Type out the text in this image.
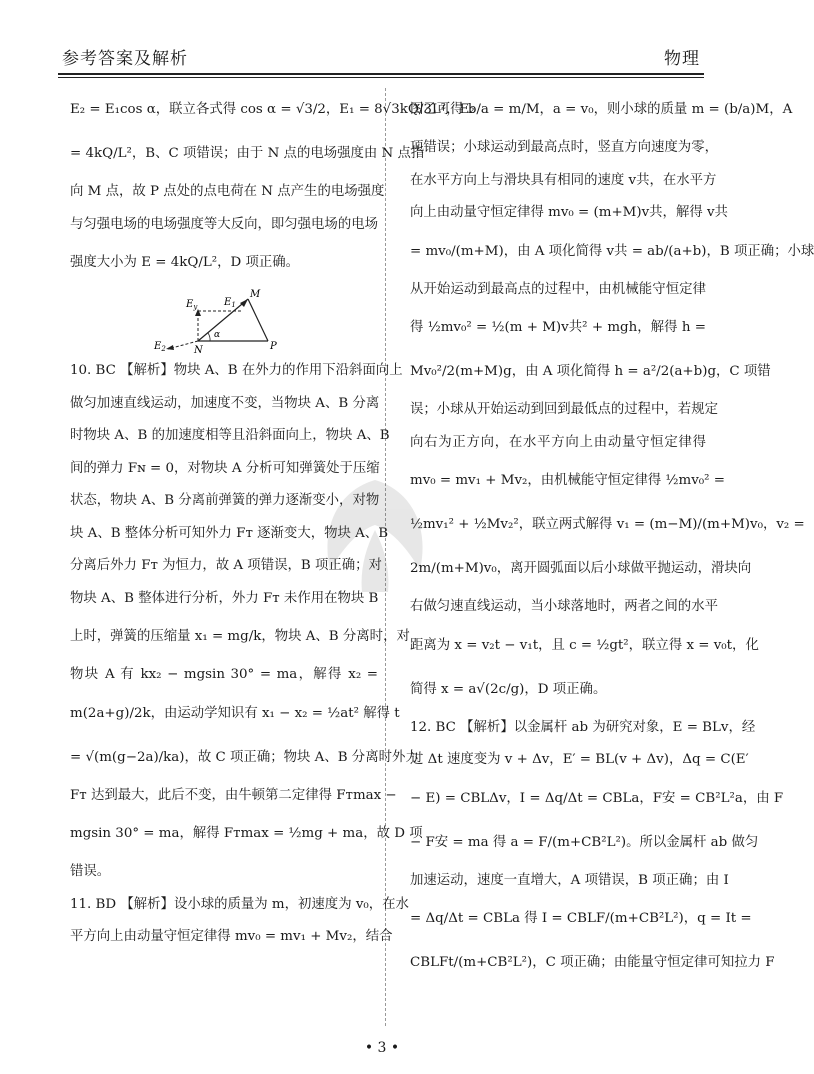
参考答案及解析	物理
E₂ = E₁cos α，联立各式得 cos α = √3/2，E₁ = 8√3kQ/3L²，E₂
= 4kQ/L²，B、C 项错误；由于 N 点的电场强度由 N 点指
向 M 点，故 P 点处的点电荷在 N 点产生的电场强度
与匀强电场的电场强度等大反向，即匀强电场的电场
强度大小为 E = 4kQ/L²，D 项正确。
$E_y$	$E_1$
M
α
$E_2$	N	P
10. BC 【解析】物块 A、B 在外力的作用下沿斜面向上
做匀加速直线运动，加速度不变，当物块 A、B 分离
时物块 A、B 的加速度相等且沿斜面向上，物块 A、B
间的弹力 Fɴ = 0，对物块 A 分析可知弹簧处于压缩
状态，物块 A、B 分离前弹簧的弹力逐渐变小，对物
块 A、B 整体分析可知外力 Fᴛ 逐渐变大，物块 A、B
分离后外力 Fᴛ 为恒力，故 A 项错误，B 项正确；对
物块 A、B 整体进行分析，外力 Fᴛ 未作用在物块 B
上时，弹簧的压缩量 x₁ = mg/k，物块 A、B 分离时，对
物块 A 有 kx₂ − mgsin 30° = ma，解得 x₂ =
m(2a+g)/2k，由运动学知识有 x₁ − x₂ = ½at² 解得 t
= √(m(g−2a)/ka)，故 C 项正确；物块 A、B 分离时外力
Fᴛ 达到最大，此后不变，由牛顿第二定律得 Fᴛmax −
mgsin 30° = ma，解得 Fᴛmax = ½mg + ma，故 D 项
错误。
11. BD 【解析】设小球的质量为 m，初速度为 v₀，在水
平方向上由动量守恒定律得 mv₀ = mv₁ + Mv₂，结合
图乙可得 b/a = m/M，a = v₀，则小球的质量 m = (b/a)M，A
项错误；小球运动到最高点时，竖直方向速度为零，
在水平方向上与滑块具有相同的速度 v共，在水平方
向上由动量守恒定律得 mv₀ = (m+M)v共，解得 v共
= mv₀/(m+M)，由 A 项化简得 v共 = ab/(a+b)，B 项正确；小球
从开始运动到最高点的过程中，由机械能守恒定律
得 ½mv₀² = ½(m + M)v共² + mgh，解得 h =
Mv₀²/2(m+M)g，由 A 项化简得 h = a²/2(a+b)g，C 项错
误；小球从开始运动到回到最低点的过程中，若规定
向右为正方向，在水平方向上由动量守恒定律得
mv₀ = mv₁ + Mv₂，由机械能守恒定律得 ½mv₀² =
½mv₁² + ½Mv₂²，联立两式解得 v₁ = (m−M)/(m+M)v₀，v₂ =
2m/(m+M)v₀，离开圆弧面以后小球做平抛运动，滑块向
右做匀速直线运动，当小球落地时，两者之间的水平
距离为 x = v₂t − v₁t，且 c = ½gt²，联立得 x = v₀t，化
简得 x = a√(2c/g)，D 项正确。
12. BC 【解析】以金属杆 ab 为研究对象，E = BLv，经
过 Δt 速度变为 v + Δv，E′ = BL(v + Δv)，Δq = C(E′
− E) = CBLΔv，I = Δq/Δt = CBLa，F安 = CB²L²a，由 F
− F安 = ma 得 a = F/(m+CB²L²)。所以金属杆 ab 做匀
加速运动，速度一直增大，A 项错误，B 项正确；由 I
= Δq/Δt = CBLa 得 I = CBLF/(m+CB²L²)，q = It =
CBLFt/(m+CB²L²)，C 项正确；由能量守恒定律可知拉力 F
• 3 •
